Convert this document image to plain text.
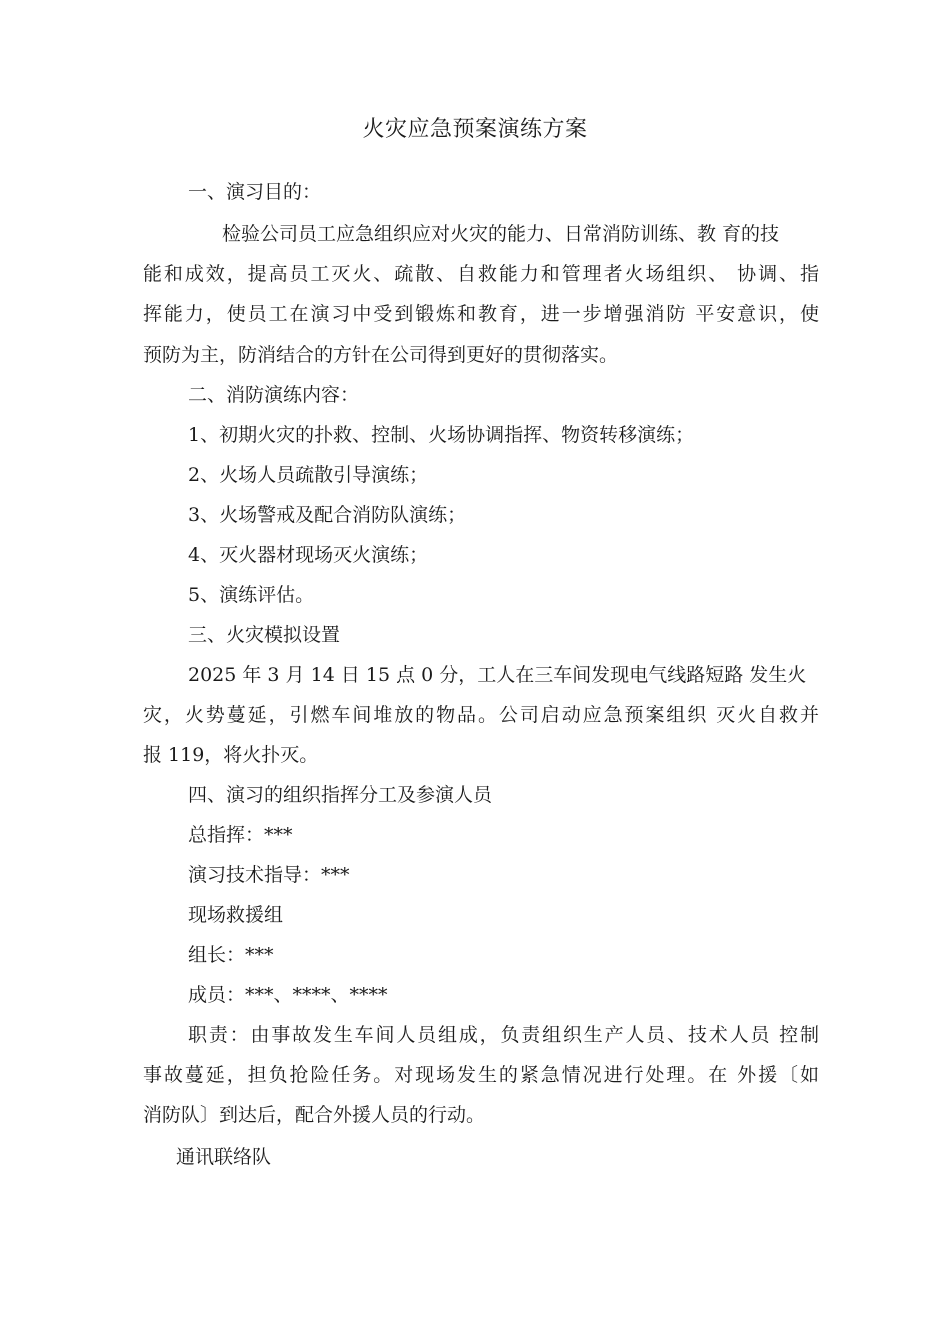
火灾应急预案演练方案
一、演习目的：
检验公司员工应急组织应对火灾的能力、日常消防训练、教 育的技
能和成效，提高员工灭火、疏散、自救能力和管理者火场组织、 协调、指
挥能力，使员工在演习中受到锻炼和教育，进一步增强消防 平安意识，使
预防为主，防消结合的方针在公司得到更好的贯彻落实。
二、消防演练内容：
1、初期火灾的扑救、控制、火场协调指挥、物资转移演练；
2、火场人员疏散引导演练；
3、火场警戒及配合消防队演练；
4、灭火器材现场灭火演练；
5、演练评估。
三、火灾模拟设置
2025 年 3 月 14 日 15 点 0 分，工人在三车间发现电气线路短路 发生火
灾，火势蔓延，引燃车间堆放的物品。公司启动应急预案组织 灭火自救并
报 119，将火扑灭。
四、演习的组织指挥分工及参演人员
总指挥：***
演习技术指导：***
现场救援组
组长：***
成员：***、****、****
职责：由事故发生车间人员组成，负责组织生产人员、技术人员 控制
事故蔓延，担负抢险任务。对现场发生的紧急情况进行处理。在 外援〔如
消防队〕到达后，配合外援人员的行动。
通讯联络队
